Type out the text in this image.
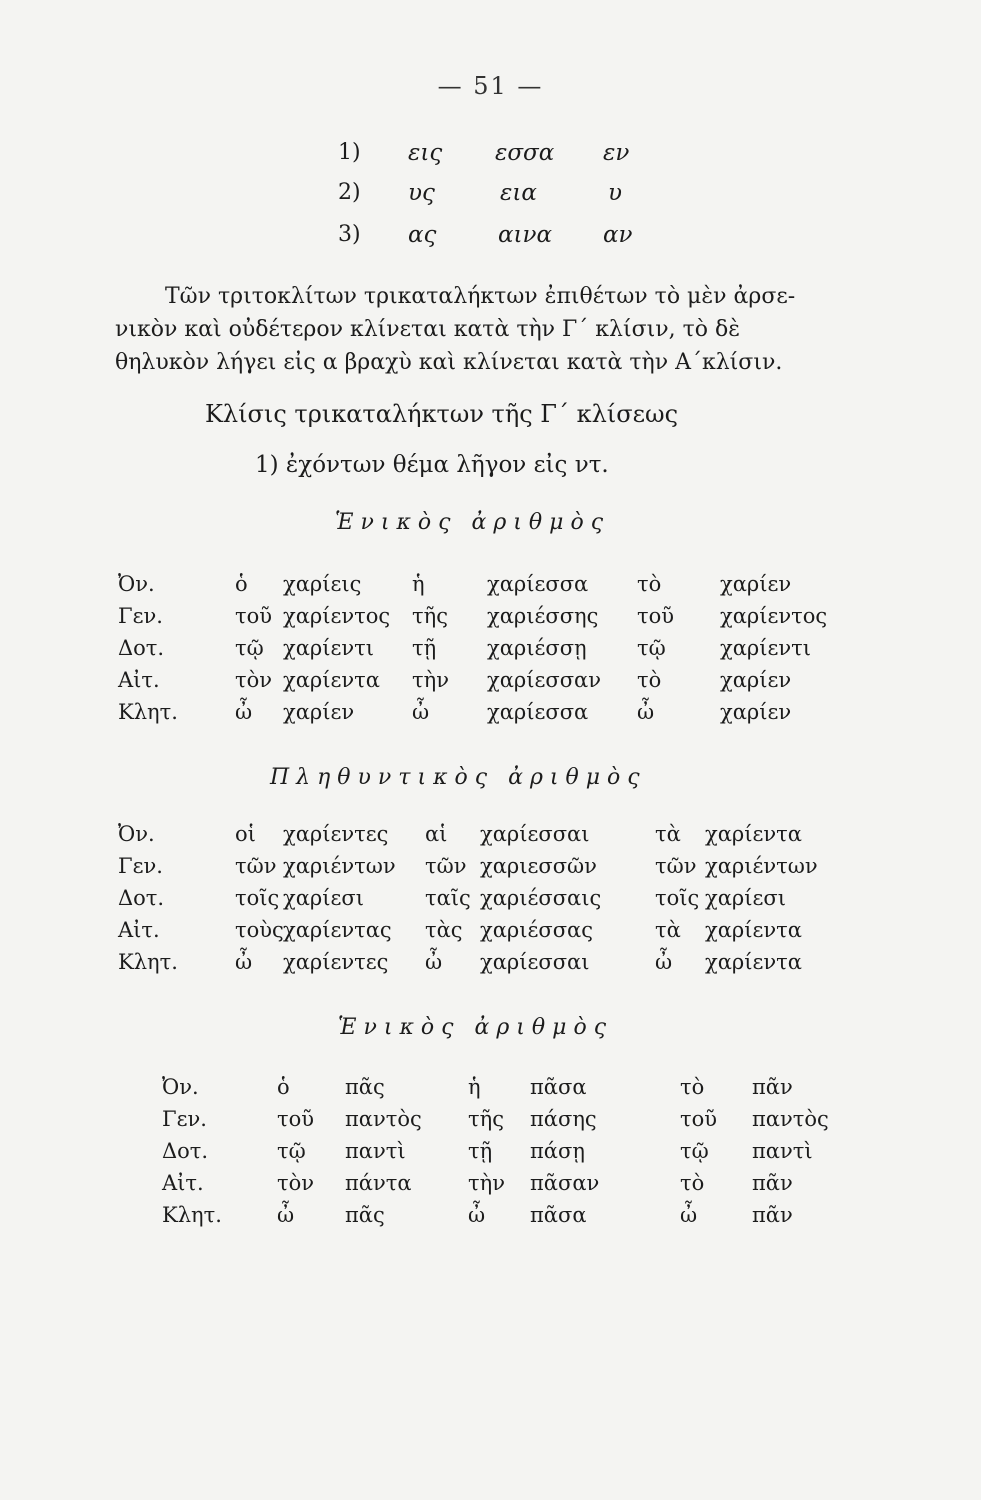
— 51 —
1) εις εσσα εν
2) υς	εια	υ
3) ας	αινα αν
Τῶν τριτοκλίτων τρικαταλήκτων ἐπιθέτων τὸ μὲν ἀρσε-
νικὸν καὶ οὐδέτερον κλίνεται κατὰ τὴν Γ΄ κλίσιν, τὸ δὲ
θηλυκὸν λήγει εἰς α βραχὺ καὶ κλίνεται κατὰ τὴν Α΄κλίσιν.
Κλίσις τρικαταλήκτων τῆς Γ΄ κλίσεως
1) ἐχόντων θέμα λῆγον εἰς ντ.
Ἑνικὸς ἀριθμὸς
Ὀν.	ὁ χαρίεις ἡ	χαρίεσσα τὸ	χαρίεν
Γεν.	τοῦ χαρίεντος τῆς χαριέσσης τοῦ χαρίεντος
Δοτ.	τῷ χαρίεντι τῇ χαριέσσῃ τῷ	χαρίεντι
Αἰτ.	τὸν χαρίεντα τὴν χαρίεσσαν τὸ	χαρίεν
Κλητ.	ὦ χαρίεν	ὦ	χαρίεσσα ὦ	χαρίεν
Πληθυντικὸς ἀριθμὸς
Ὀν.	οἱ χαρίεντες αἱ χαρίεσσαι	τὰ χαρίεντα
Γεν.	τῶν χαριέντων τῶν χαριεσσῶν	τῶν χαριέντων
Δοτ.	τοῖς χαρίεσι	ταῖς χαριέσσαις	τοῖς χαρίεσι
Αἰτ.	τοὺς χαρίεντας τὰς χαριέσσας	τὰ χαρίεντα
Κλητ.	ὦ χαρίεντες ὦ χαρίεσσαι	ὦ χαρίεντα
Ἑνικὸς ἀριθμὸς
Ὀν.	ὁ	πᾶς	ἡ πᾶσα	τὸ πᾶν
Γεν.	τοῦ παντὸς τῆς πάσης	τοῦ παντὸς
Δοτ.	τῷ παντὶ	τῇ πάσῃ	τῷ παντὶ
Αἰτ.	τὸν πάντα	τὴν πᾶσαν	τὸ πᾶν
Κλητ.	ὦ πᾶς	ὦ πᾶσα	ὦ	πᾶν
